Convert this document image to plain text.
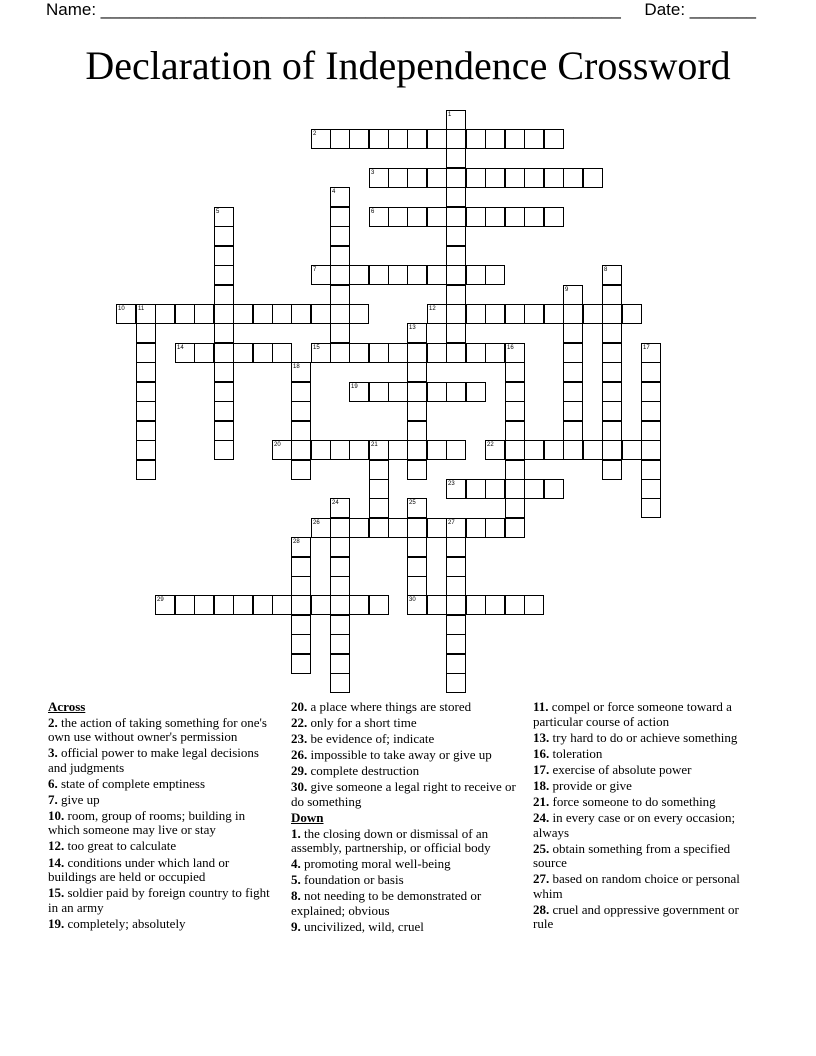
Name: _______________________________________________________     Date: _______
Declaration of Independence Crossword
1
2
3
4
5	6
7	8
9
10 11	12
13
14	15	16	17
18
19
20	21	22
23
24	25
26	27
28
29	30
Across
2. the action of taking something for one's own use without owner's permission
3. official power to make legal decisions and judgments
6. state of complete emptiness
7. give up
10. room, group of rooms; building in which someone may live or stay
12. too great to calculate
14. conditions under which land or buildings are held or occupied
15. soldier paid by foreign country to fight in an army
19. completely; absolutely
20. a place where things are stored
22. only for a short time
23. be evidence of; indicate
26. impossible to take away or give up
29. complete destruction
30. give someone a legal right to receive or do something
Down
1. the closing down or dismissal of an assembly, partnership, or official body
4. promoting moral well-being
5. foundation or basis
8. not needing to be demonstrated or explained; obvious
9. uncivilized, wild, cruel
11. compel or force someone toward a particular course of action
13. try hard to do or achieve something
16. toleration
17. exercise of absolute power
18. provide or give
21. force someone to do something
24. in every case or on every occasion; always
25. obtain something from a specified source
27. based on random choice or personal whim
28. cruel and oppressive government or rule
